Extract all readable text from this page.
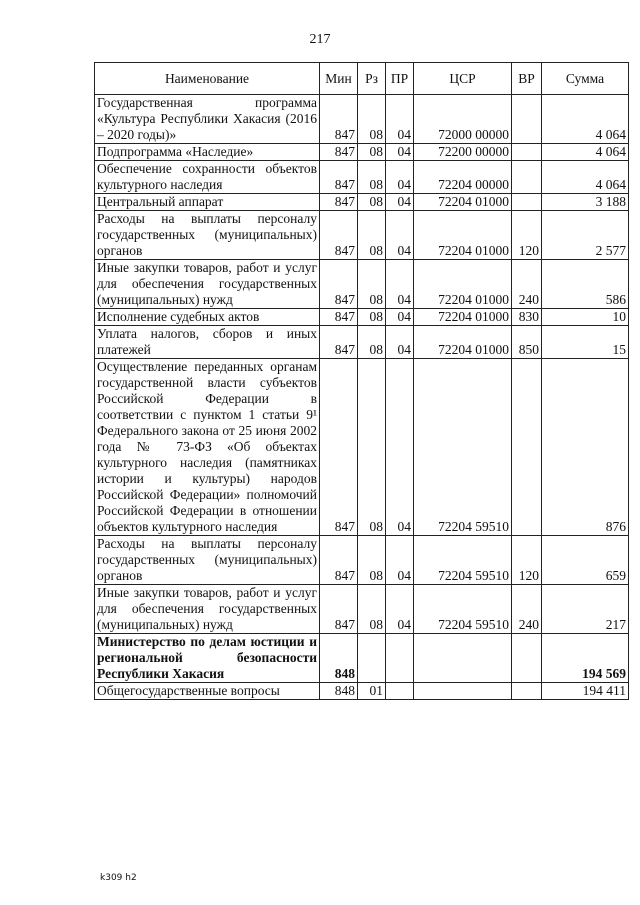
217
Наименование	Мин	Рз	ПР	ЦСР	ВР	Сумма
Государственная программа «Культура Республики Хакасия (2016 – 2020 годы)»	847	08	04	72000 00000		4 064
Подпрограмма «Наследие»	847	08	04	72200 00000		4 064
Обеспечение сохранности объектов культурного наследия	847	08	04	72204 00000		4 064
Центральный аппарат	847	08	04	72204 01000		3 188
Расходы на выплаты персоналу государственных (муниципальных) органов	847	08	04	72204 01000	120	2 577
Иные закупки товаров, работ и услуг для обеспечения государственных (муниципальных) нужд	847	08	04	72204 01000	240	586
Исполнение судебных актов	847	08	04	72204 01000	830	10
Уплата налогов, сборов и иных платежей	847	08	04	72204 01000	850	15
Осуществление переданных органам государственной власти субъектов Российской Федерации в соответствии с пунктом 1 статьи 9¹ Федерального закона от 25 июня 2002 года № 73-ФЗ «Об объектах культурного наследия (памятниках истории и культуры) народов Российской Федерации» полномочий Российской Федерации в отношении объектов культурного наследия	847	08	04	72204 59510		876
Расходы на выплаты персоналу государственных (муниципальных) органов	847	08	04	72204 59510	120	659
Иные закупки товаров, работ и услуг для обеспечения государственных (муниципальных) нужд	847	08	04	72204 59510	240	217
Министерство по делам юстиции и региональной безопасности Республики Хакасия	848					194 569
Общегосударственные вопросы	848	01				194 411
k309 h2
